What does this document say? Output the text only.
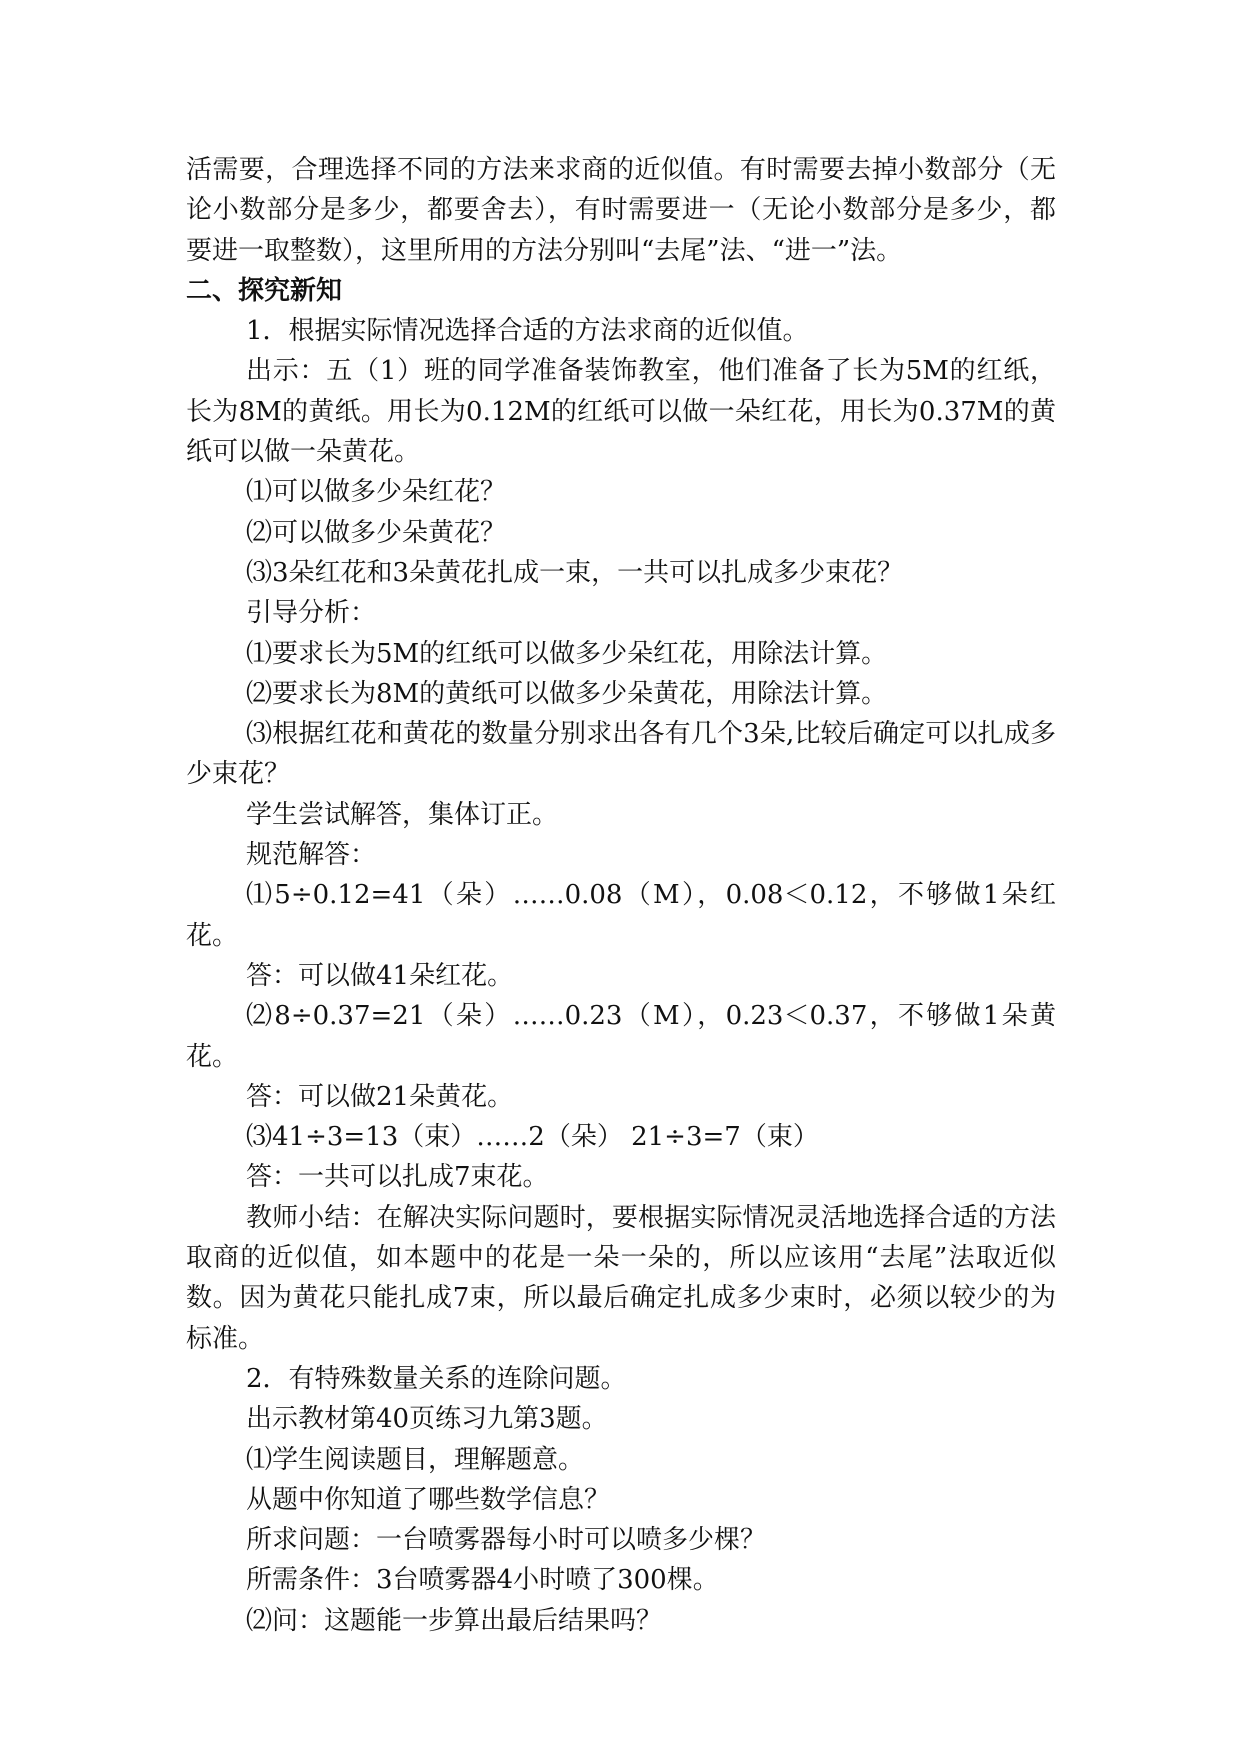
活需要，合理选择不同的方法来求商的近似值。有时需要去掉小数部分（无论小数部分是多少，都要舍去），有时需要进一（无论小数部分是多少，都要进一取整数），这里所用的方法分别叫“去尾”法、“进一”法。

二、探究新知

1．根据实际情况选择合适的方法求商的近似值。

出示：五（1）班的同学准备装饰教室，他们准备了长为5M的红纸，长为8M的黄纸。用长为0.12M的红纸可以做一朵红花，用长为0.37M的黄纸可以做一朵黄花。

⑴可以做多少朵红花？

⑵可以做多少朵黄花？

⑶3朵红花和3朵黄花扎成一束，一共可以扎成多少束花？

引导分析：

⑴要求长为5M的红纸可以做多少朵红花，用除法计算。

⑵要求长为8M的黄纸可以做多少朵黄花，用除法计算。

⑶根据红花和黄花的数量分别求出各有几个3朵,比较后确定可以扎成多少束花？

学生尝试解答，集体订正。

规范解答：

⑴5÷0.12=41（朵）……0.08（M），0.08＜0.12，不够做1朵红花。

答：可以做41朵红花。

⑵8÷0.37=21（朵）……0.23（M），0.23＜0.37，不够做1朵黄花。

答：可以做21朵黄花。

⑶41÷3=13（束）……2（朵） 21÷3=7（束）

答：一共可以扎成7束花。

教师小结：在解决实际问题时，要根据实际情况灵活地选择合适的方法取商的近似值，如本题中的花是一朵一朵的，所以应该用“去尾”法取近似数。因为黄花只能扎成7束，所以最后确定扎成多少束时，必须以较少的为标准。

2．有特殊数量关系的连除问题。

出示教材第40页练习九第3题。

⑴学生阅读题目，理解题意。

从题中你知道了哪些数学信息？

所求问题：一台喷雾器每小时可以喷多少棵？

所需条件：3台喷雾器4小时喷了300棵。

⑵问：这题能一步算出最后结果吗？
